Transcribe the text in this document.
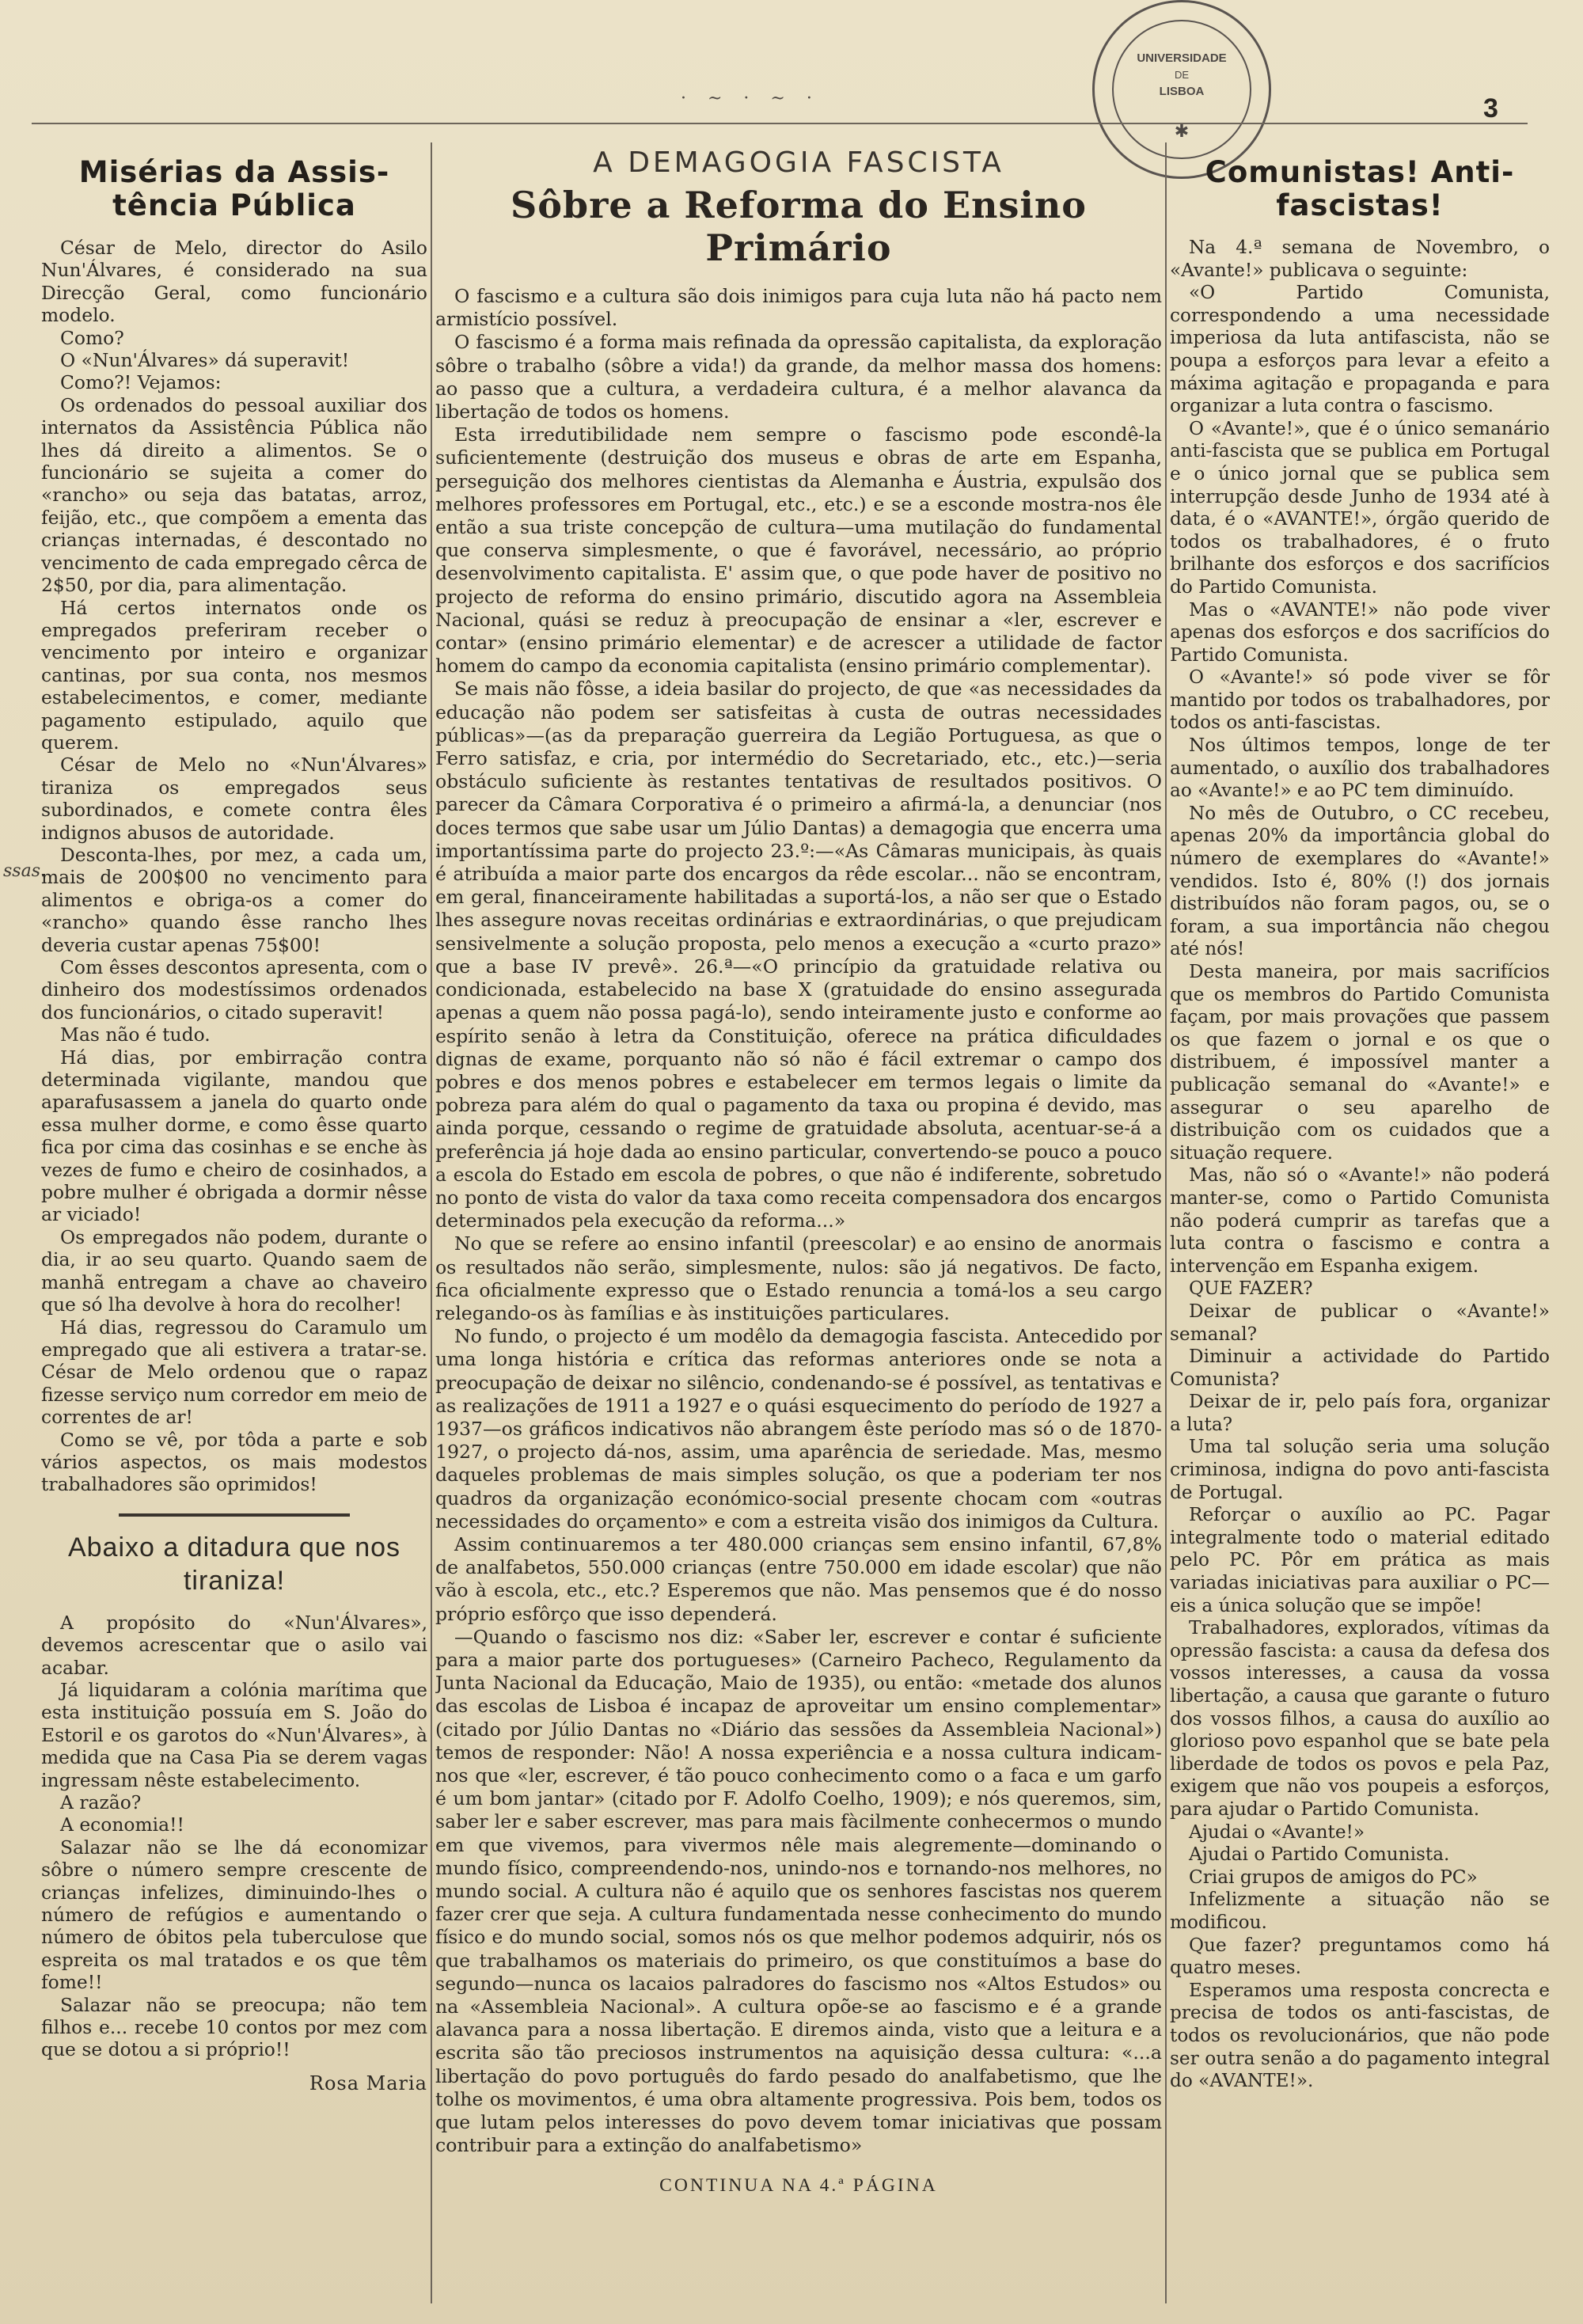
UNIVERSIDADE
DE
LISBOA
✱
· ~ · ~ ·	3
ssas.
Misérias da Assis-tência Pública

César de Melo, director do Asilo Nun'Álvares, é considerado na sua Direcção Geral, como funcionário modelo.

Como?

O «Nun'Álvares» dá superavit!

Como?! Vejamos:

Os ordenados do pessoal auxiliar dos internatos da Assistência Pública não lhes dá direito a alimentos. Se o funcionário se sujeita a comer do «rancho» ou seja das batatas, arroz, feijão, etc., que compõem a ementa das crianças internadas, é descontado no vencimento de cada empregado cêrca de 2$50, por dia, para alimentação.

Há certos internatos onde os empregados preferiram receber o vencimento por inteiro e organizar cantinas, por sua conta, nos mesmos estabelecimentos, e comer, mediante pagamento estipulado, aquilo que querem.

César de Melo no «Nun'Álvares» tiraniza os empregados seus subordinados, e comete contra êles indignos abusos de autoridade.

Desconta-lhes, por mez, a cada um, mais de 200$00 no vencimento para alimentos e obriga-os a comer do «rancho» quando êsse rancho lhes deveria custar apenas 75$00!

Com êsses descontos apresenta, com o dinheiro dos modestíssimos ordenados dos funcionários, o citado superavit!

Mas não é tudo.

Há dias, por embirração contra determinada vigilante, mandou que aparafusassem a janela do quarto onde essa mulher dorme, e como êsse quarto fica por cima das cosinhas e se enche às vezes de fumo e cheiro de cosinhados, a pobre mulher é obrigada a dormir nêsse ar viciado!

Os empregados não podem, durante o dia, ir ao seu quarto. Quando saem de manhã entregam a chave ao chaveiro que só lha devolve à hora do recolher!

Há dias, regressou do Caramulo um empregado que ali estivera a tratar-se. César de Melo ordenou que o rapaz fizesse serviço num corredor em meio de correntes de ar!

Como se vê, por tôda a parte e sob vários aspectos, os mais modestos trabalhadores são oprimidos!

Abaixo a ditadura que nos tiraniza!

A propósito do «Nun'Álvares», devemos acrescentar que o asilo vai acabar.

Já liquidaram a colónia marítima que esta instituição possuía em S. João do Estoril e os garotos do «Nun'Álvares», à medida que na Casa Pia se derem vagas ingressam nêste estabelecimento.

A razão?

A economia!!

Salazar não se lhe dá economizar sôbre o número sempre crescente de crianças infelizes, diminuindo-lhes o número de refúgios e aumentando o número de óbitos pela tuberculose que espreita os mal tratados e os que têm fome!!

Salazar não se preocupa; não tem filhos e... recebe 10 contos por mez com que se dotou a si próprio!!

Rosa Maria

A DEMAGOGIA FASCISTA
Sôbre a Reforma do Ensino Primário

O fascismo e a cultura são dois inimigos para cuja luta não há pacto nem armistício possível.

O fascismo é a forma mais refinada da opressão capitalista, da exploração sôbre o trabalho (sôbre a vida!) da grande, da melhor massa dos homens: ao passo que a cultura, a verdadeira cultura, é a melhor alavanca da libertação de todos os homens.

Esta irredutibilidade nem sempre o fascismo pode escondê-la suficientemente (destruição dos museus e obras de arte em Espanha, perseguição dos melhores cientistas da Alemanha e Áustria, expulsão dos melhores professores em Portugal, etc., etc.) e se a esconde mostra-nos êle então a sua triste concepção de cultura—uma mutilação do fundamental que conserva simplesmente, o que é favorável, necessário, ao próprio desenvolvimento capitalista. E' assim que, o que pode haver de positivo no projecto de reforma do ensino primário, discutido agora na Assembleia Nacional, quási se reduz à preocupação de ensinar a «ler, escrever e contar» (ensino primário elementar) e de acrescer a utilidade de factor homem do campo da economia capitalista (ensino primário complementar).

Se mais não fôsse, a ideia basilar do projecto, de que «as necessidades da educação não podem ser satisfeitas à custa de outras necessidades públicas»—(as da preparação guerreira da Legião Portuguesa, as que o Ferro satisfaz, e cria, por intermédio do Secretariado, etc., etc.)—seria obstáculo suficiente às restantes tentativas de resultados positivos. O parecer da Câmara Corporativa é o primeiro a afirmá-la, a denunciar (nos doces termos que sabe usar um Júlio Dantas) a demagogia que encerra uma importantíssima parte do projecto 23.º:—«As Câmaras municipais, às quais é atribuída a maior parte dos encargos da rêde escolar... não se encontram, em geral, financeiramente habilitadas a suportá-los, a não ser que o Estado lhes assegure novas receitas ordinárias e extraordinárias, o que prejudicam sensivelmente a solução proposta, pelo menos a execução a «curto prazo» que a base IV prevê». 26.ª—«O princípio da gratuidade relativa ou condicionada, estabelecido na base X (gratuidade do ensino assegurada apenas a quem não possa pagá-lo), sendo inteiramente justo e conforme ao espírito senão à letra da Constituição, oferece na prática dificuldades dignas de exame, porquanto não só não é fácil extremar o campo dos pobres e dos menos pobres e estabelecer em termos legais o limite da pobreza para além do qual o pagamento da taxa ou propina é devido, mas ainda porque, cessando o regime de gratuidade absoluta, acentuar-se-á a preferência já hoje dada ao ensino particular, convertendo-se pouco a pouco a escola do Estado em escola de pobres, o que não é indiferente, sobretudo no ponto de vista do valor da taxa como receita compensadora dos encargos determinados pela execução da reforma...»

No que se refere ao ensino infantil (preescolar) e ao ensino de anormais os resultados não serão, simplesmente, nulos: são já negativos. De facto, fica oficialmente expresso que o Estado renuncia a tomá-los a seu cargo relegando-os às famílias e às instituições particulares.

No fundo, o projecto é um modêlo da demagogia fascista. Antecedido por uma longa história e crítica das reformas anteriores onde se nota a preocupação de deixar no silêncio, condenando-se é possível, as tentativas e as realizações de 1911 a 1927 e o quási esquecimento do período de 1927 a 1937—os gráficos indicativos não abrangem êste período mas só o de 1870-1927, o projecto dá-nos, assim, uma aparência de seriedade. Mas, mesmo daqueles problemas de mais simples solução, os que a poderiam ter nos quadros da organização económico-social presente chocam com «outras necessidades do orçamento» e com a estreita visão dos inimigos da Cultura.

Assim continuaremos a ter 480.000 crianças sem ensino infantil, 67,8% de analfabetos, 550.000 crianças (entre 750.000 em idade escolar) que não vão à escola, etc., etc.? Esperemos que não. Mas pensemos que é do nosso próprio esfôrço que isso dependerá.

—Quando o fascismo nos diz: «Saber ler, escrever e contar é suficiente para a maior parte dos portugueses» (Carneiro Pacheco, Regulamento da Junta Nacional da Educação, Maio de 1935), ou então: «metade dos alunos das escolas de Lisboa é incapaz de aproveitar um ensino complementar» (citado por Júlio Dantas no «Diário das sessões da Assembleia Nacional») temos de responder: Não! A nossa experiência e a nossa cultura indicam-nos que «ler, escrever, é tão pouco conhecimento como o a faca e um garfo é um bom jantar» (citado por F. Adolfo Coelho, 1909); e nós queremos, sim, saber ler e saber escrever, mas para mais fàcilmente conhecermos o mundo em que vivemos, para vivermos nêle mais alegremente—dominando o mundo físico, compreendendo-nos, unindo-nos e tornando-nos melhores, no mundo social. A cultura não é aquilo que os senhores fascistas nos querem fazer crer que seja. A cultura fundamentada nesse conhecimento do mundo físico e do mundo social, somos nós os que melhor podemos adquirir, nós os que trabalhamos os materiais do primeiro, os que constituímos a base do segundo—nunca os lacaios palradores do fascismo nos «Altos Estudos» ou na «Assembleia Nacional». A cultura opõe-se ao fascismo e é a grande alavanca para a nossa libertação. E diremos ainda, visto que a leitura e a escrita são tão preciosos instrumentos na aquisição dessa cultura: «...a libertação do povo português do fardo pesado do analfabetismo, que lhe tolhe os movimentos, é uma obra altamente progressiva. Pois bem, todos os que lutam pelos interesses do povo devem tomar iniciativas que possam contribuir para a extinção do analfabetismo»

CONTINUA NA 4.ª PÁGINA

Comunistas! Anti-fascistas!

Na 4.ª semana de Novembro, o «Avante!» publicava o seguinte:

«O Partido Comunista, correspondendo a uma necessidade imperiosa da luta antifascista, não se poupa a esforços para levar a efeito a máxima agitação e propaganda e para organizar a luta contra o fascismo.

O «Avante!», que é o único semanário anti-fascista que se publica em Portugal e o único jornal que se publica sem interrupção desde Junho de 1934 até à data, é o «AVANTE!», órgão querido de todos os trabalhadores, é o fruto brilhante dos esforços e dos sacrifícios do Partido Comunista.

Mas o «AVANTE!» não pode viver apenas dos esforços e dos sacrifícios do Partido Comunista.

O «Avante!» só pode viver se fôr mantido por todos os trabalhadores, por todos os anti-fascistas.

Nos últimos tempos, longe de ter aumentado, o auxílio dos trabalhadores ao «Avante!» e ao PC tem diminuído.

No mês de Outubro, o CC recebeu, apenas 20% da importância global do número de exemplares do «Avante!» vendidos. Isto é, 80% (!) dos jornais distribuídos não foram pagos, ou, se o foram, a sua importância não chegou até nós!

Desta maneira, por mais sacrifícios que os membros do Partido Comunista façam, por mais provações que passem os que fazem o jornal e os que o distribuem, é impossível manter a publicação semanal do «Avante!» e assegurar o seu aparelho de distribuição com os cuidados que a situação requere.

Mas, não só o «Avante!» não poderá manter-se, como o Partido Comunista não poderá cumprir as tarefas que a luta contra o fascismo e contra a intervenção em Espanha exigem.

QUE FAZER?

Deixar de publicar o «Avante!» semanal?

Diminuir a actividade do Partido Comunista?

Deixar de ir, pelo país fora, organizar a luta?

Uma tal solução seria uma solução criminosa, indigna do povo anti-fascista de Portugal.

Reforçar o auxílio ao PC. Pagar integralmente todo o material editado pelo PC. Pôr em prática as mais variadas iniciativas para auxiliar o PC—eis a única solução que se impõe!

Trabalhadores, explorados, vítimas da opressão fascista: a causa da defesa dos vossos interesses, a causa da vossa libertação, a causa que garante o futuro dos vossos filhos, a causa do auxílio ao glorioso povo espanhol que se bate pela liberdade de todos os povos e pela Paz, exigem que não vos poupeis a esforços, para ajudar o Partido Comunista.

Ajudai o «Avante!»

Ajudai o Partido Comunista.

Criai grupos de amigos do PC»

Infelizmente a situação não se modificou.

Que fazer? preguntamos como há quatro meses.

Esperamos uma resposta concrecta e precisa de todos os anti-fascistas, de todos os revolucionários, que não pode ser outra senão a do pagamento integral do «AVANTE!».
